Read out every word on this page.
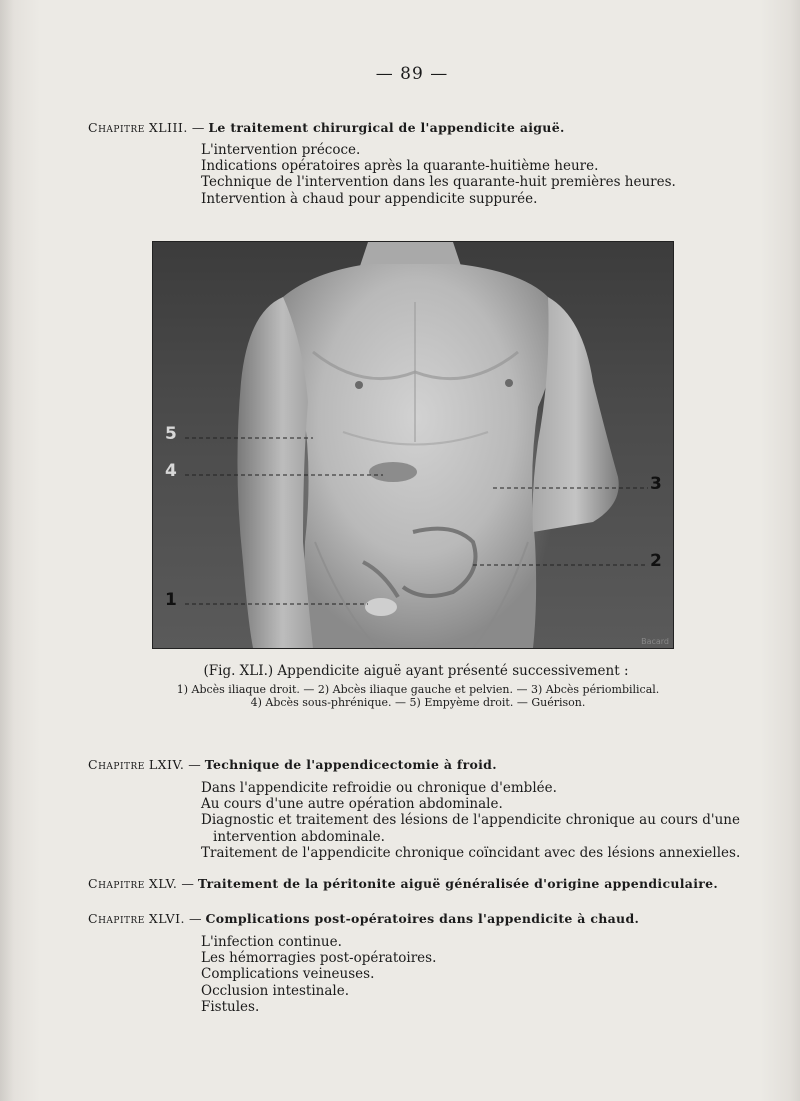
— 89 —
Chapitre XLIII. — Le traitement chirurgical de l'appendicite aiguë.
L'intervention précoce.
Indications opératoires après la quarante-huitième heure.
Technique de l'intervention dans les quarante-huit premières heures.
Intervention à chaud pour appendicite suppurée.
5
4
3
2
1
Bacard
(Fig. XLI.) Appendicite aiguë ayant présenté successivement :
1) Abcès iliaque droit. — 2) Abcès iliaque gauche et pelvien. — 3) Abcès périombilical.
4) Abcès sous-phrénique. — 5) Empyème droit. — Guérison.
Chapitre LXIV. — Technique de l'appendicectomie à froid.
Dans l'appendicite refroidie ou chronique d'emblée.
Au cours d'une autre opération abdominale.
Diagnostic et traitement des lésions de l'appendicite chronique au cours d'une
intervention abdominale.
Traitement de l'appendicite chronique coïncidant avec des lésions annexielles.
Chapitre XLV. — Traitement de la péritonite aiguë généralisée d'origine appendiculaire.
Chapitre XLVI. — Complications post-opératoires dans l'appendicite à chaud.
L'infection continue.
Les hémorragies post-opératoires.
Complications veineuses.
Occlusion intestinale.
Fistules.
